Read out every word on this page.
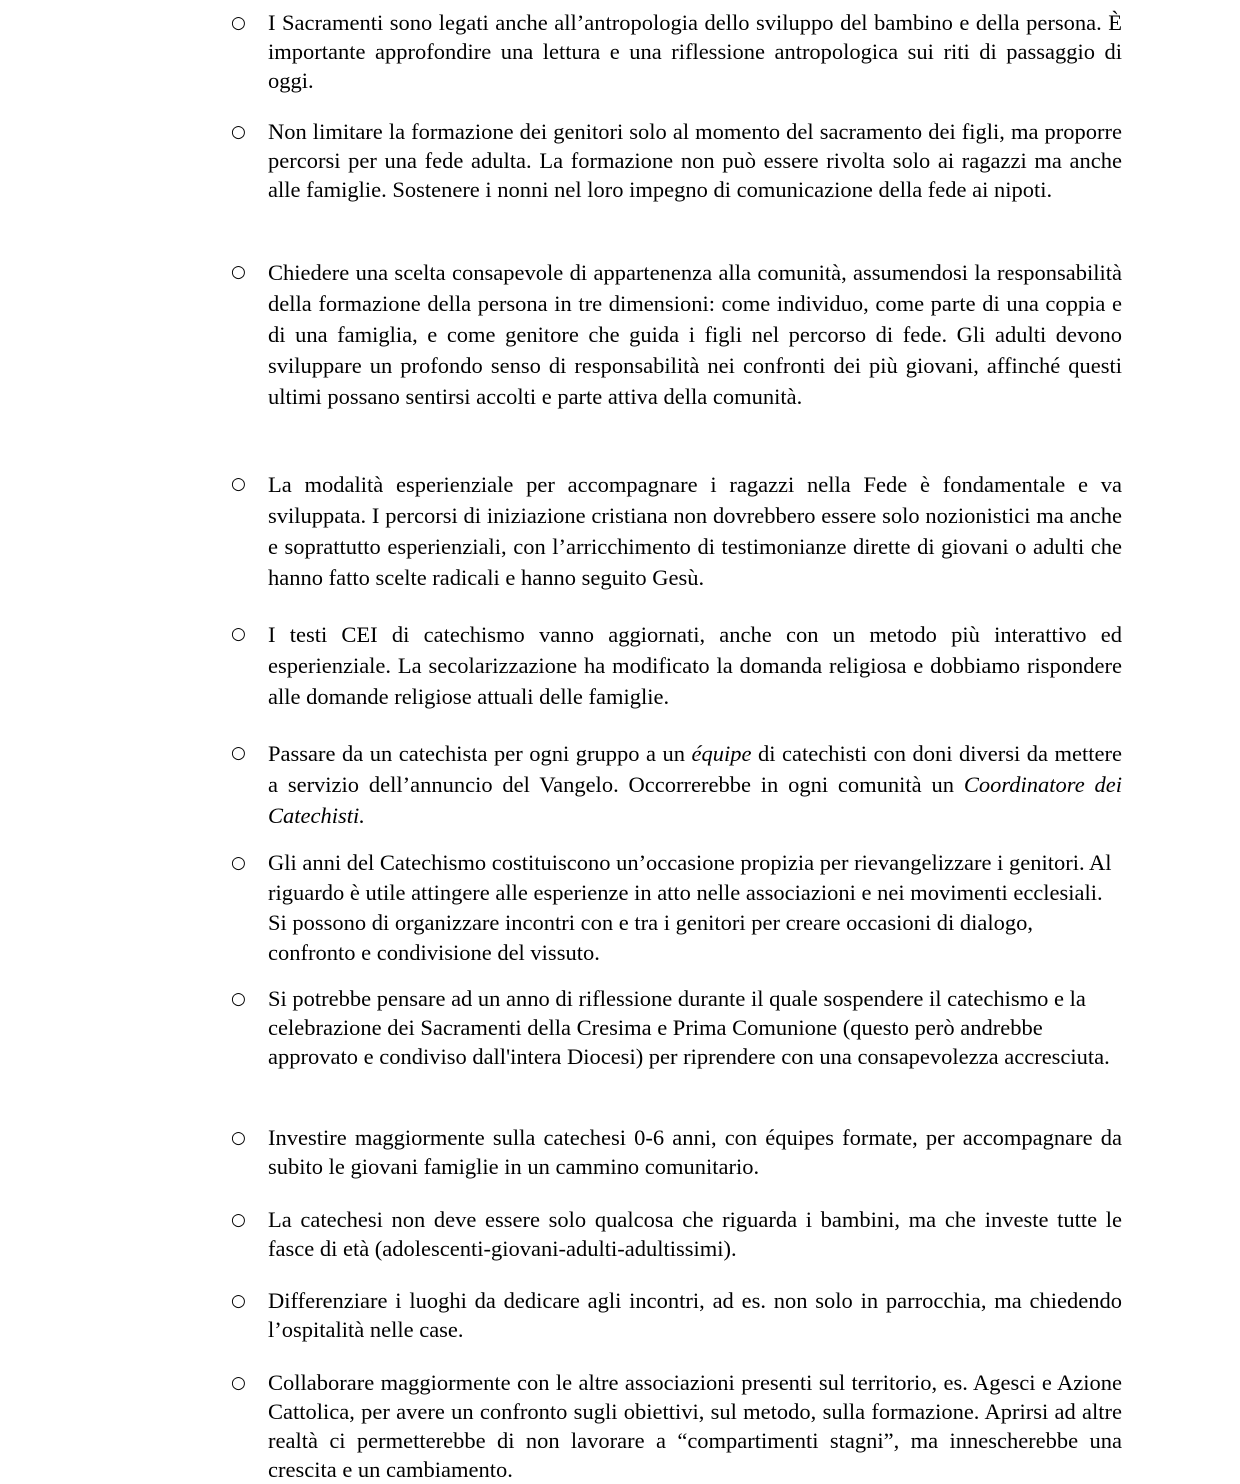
○ I Sacramenti sono legati anche all’antropologia dello sviluppo del bambino e della persona. È importante approfondire una lettura e una riflessione antropologica sui riti di passaggio di oggi.

○ Non limitare la formazione dei genitori solo al momento del sacramento dei figli, ma proporre percorsi per una fede adulta. La formazione non può essere rivolta solo ai ragazzi ma anche alle famiglie. Sostenere i nonni nel loro impegno di comunicazione della fede ai nipoti.

○ Chiedere una scelta consapevole di appartenenza alla comunità, assumendosi la responsabilità della formazione della persona in tre dimensioni: come individuo, come parte di una coppia e di una famiglia, e come genitore che guida i figli nel percorso di fede. Gli adulti devono sviluppare un profondo senso di responsabilità nei confronti dei più giovani, affinché questi ultimi possano sentirsi accolti e parte attiva della comunità.

○ La modalità esperienziale per accompagnare i ragazzi nella Fede è fondamentale e va sviluppata. I percorsi di iniziazione cristiana non dovrebbero essere solo nozionistici ma anche e soprattutto esperienziali, con l’arricchimento di testimonianze dirette di giovani o adulti che hanno fatto scelte radicali e hanno seguito Gesù.

○ I testi CEI di catechismo vanno aggiornati, anche con un metodo più interattivo ed esperienziale. La secolarizzazione ha modificato la domanda religiosa e dobbiamo rispondere alle domande religiose attuali delle famiglie.

○ Passare da un catechista per ogni gruppo a un équipe di catechisti con doni diversi da mettere a servizio dell’annuncio del Vangelo. Occorrerebbe in ogni comunità un Coordinatore dei Catechisti.

○ Gli anni del Catechismo costituiscono un’occasione propizia per rievangelizzare i genitori. Al riguardo è utile attingere alle esperienze in atto nelle associazioni e nei movimenti ecclesiali. Si possono di organizzare incontri con e tra i genitori per creare occasioni di dialogo, confronto e condivisione del vissuto.

○ Si potrebbe pensare ad un anno di riflessione durante il quale sospendere il catechismo e la celebrazione dei Sacramenti della Cresima e Prima Comunione (questo però andrebbe approvato e condiviso dall'intera Diocesi) per riprendere con una consapevolezza accresciuta.

○ Investire maggiormente sulla catechesi 0-6 anni, con équipes formate, per accompagnare da subito le giovani famiglie in un cammino comunitario.

○ La catechesi non deve essere solo qualcosa che riguarda i bambini, ma che investe tutte le fasce di età (adolescenti-giovani-adulti-adultissimi).

○ Differenziare i luoghi da dedicare agli incontri, ad es. non solo in parrocchia, ma chiedendo l’ospitalità nelle case.

○ Collaborare maggiormente con le altre associazioni presenti sul territorio, es. Agesci e Azione Cattolica, per avere un confronto sugli obiettivi, sul metodo, sulla formazione. Aprirsi ad altre realtà ci permetterebbe di non lavorare a “compartimenti stagni”, ma innescherebbe una crescita e un cambiamento.
